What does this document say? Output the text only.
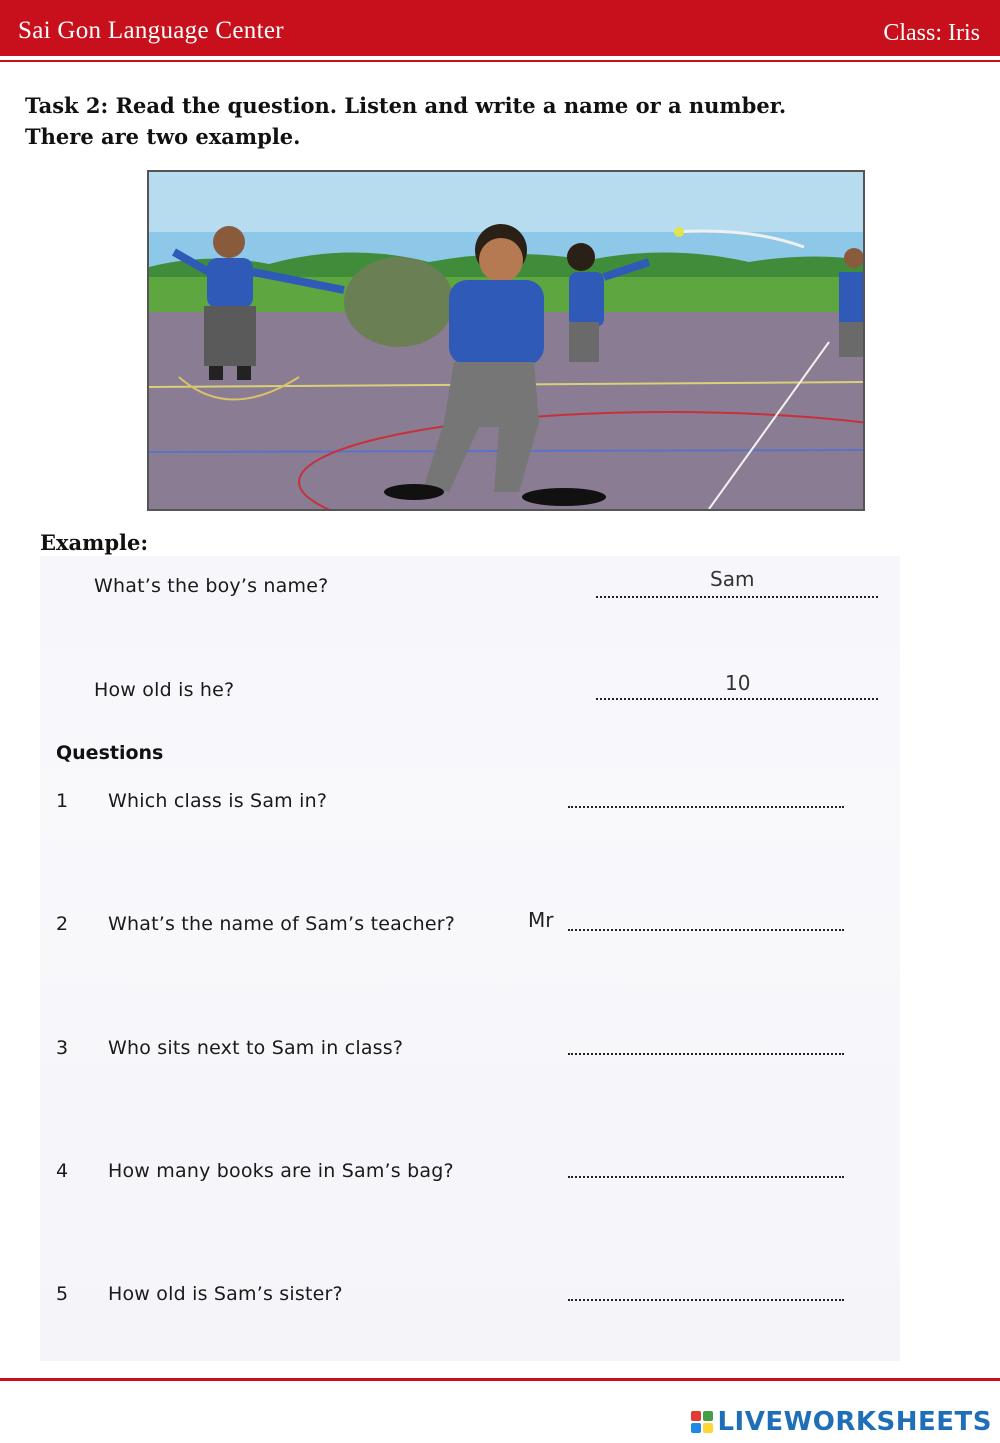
Sai Gon Language Center	Class: Iris
Task 2: Read the question. Listen and write a name or a number.
There are two example.
Example:
What’s the boy’s name?	Sam
How old is he?	10
Questions
1 Which class is Sam in?
2 What’s the name of Sam’s teacher?	Mr
3 Who sits next to Sam in class?
4 How many books are in Sam’s bag?
5 How old is Sam’s sister?
LIVEWORKSHEETS
